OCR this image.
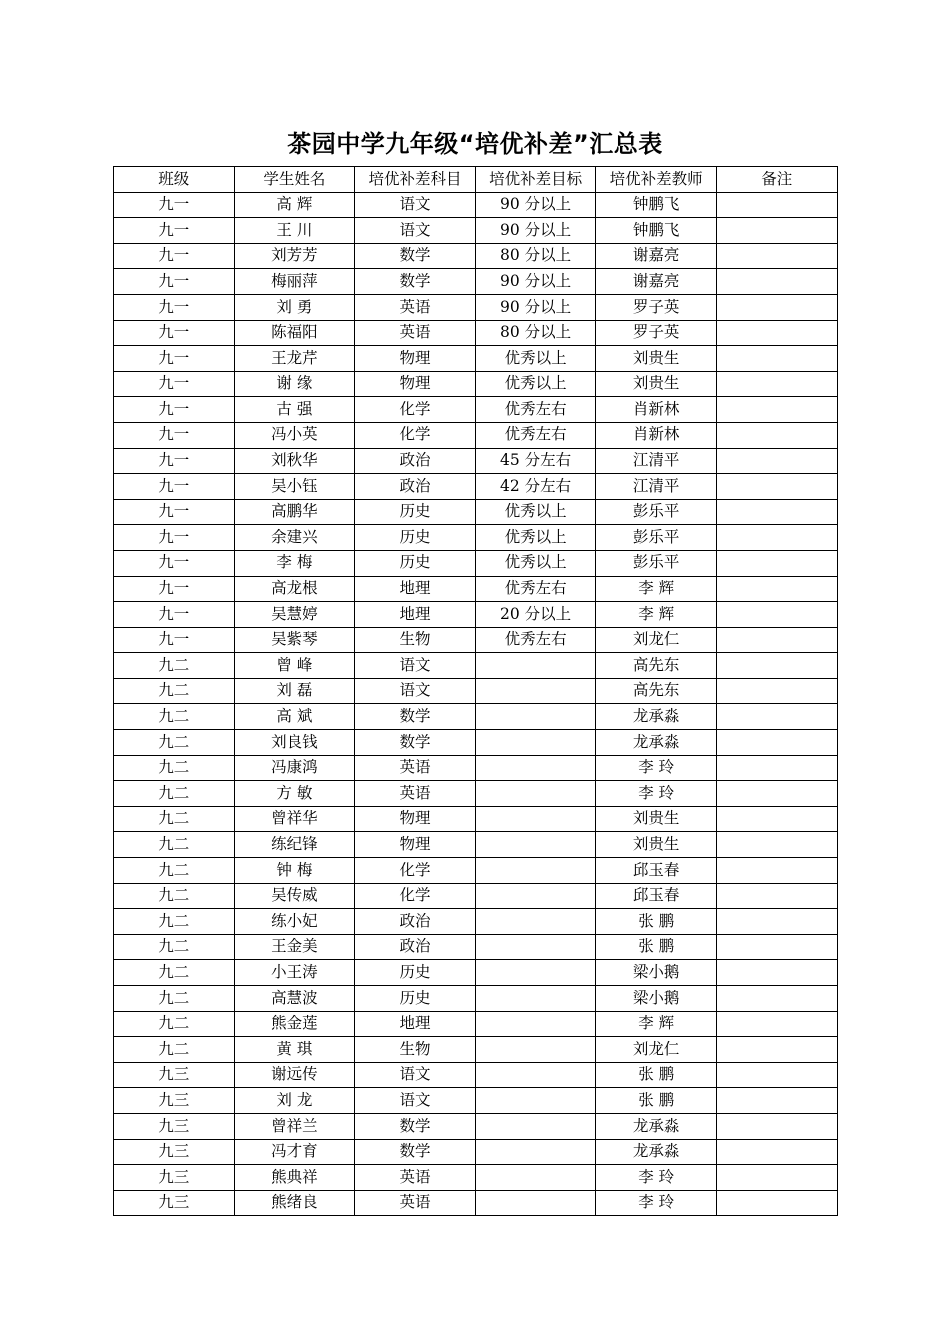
茶园中学九年级“培优补差”汇总表
班级	学生姓名	培优补差科目	培优补差目标	培优补差教师	备注
九一	高 辉	语文	90 分以上	钟鹏飞	
九一	王 川	语文	90 分以上	钟鹏飞	
九一	刘芳芳	数学	80 分以上	谢嘉亮	
九一	梅丽萍	数学	90 分以上	谢嘉亮	
九一	刘 勇	英语	90 分以上	罗子英	
九一	陈福阳	英语	80 分以上	罗子英	
九一	王龙芹	物理	优秀以上	刘贵生	
九一	谢 缘	物理	优秀以上	刘贵生	
九一	古 强	化学	优秀左右	肖新林	
九一	冯小英	化学	优秀左右	肖新林	
九一	刘秋华	政治	45 分左右	江清平	
九一	吴小钰	政治	42 分左右	江清平	
九一	高鹏华	历史	优秀以上	彭乐平	
九一	余建兴	历史	优秀以上	彭乐平	
九一	李 梅	历史	优秀以上	彭乐平	
九一	高龙根	地理	优秀左右	李 辉	
九一	吴慧婷	地理	20 分以上	李 辉	
九一	吴紫琴	生物	优秀左右	刘龙仁	
九二	曾 峰	语文		高先东	
九二	刘 磊	语文		高先东	
九二	高 斌	数学		龙承淼	
九二	刘良钱	数学		龙承淼	
九二	冯康鸿	英语		李 玲	
九二	方 敏	英语		李 玲	
九二	曾祥华	物理		刘贵生	
九二	练纪锋	物理		刘贵生	
九二	钟 梅	化学		邱玉春	
九二	吴传威	化学		邱玉春	
九二	练小妃	政治		张 鹏	
九二	王金美	政治		张 鹏	
九二	小王涛	历史		梁小鹅	
九二	高慧波	历史		梁小鹅	
九二	熊金莲	地理		李 辉	
九二	黄 琪	生物		刘龙仁	
九三	谢远传	语文		张 鹏	
九三	刘 龙	语文		张 鹏	
九三	曾祥兰	数学		龙承淼	
九三	冯才育	数学		龙承淼	
九三	熊典祥	英语		李 玲	
九三	熊绪良	英语		李 玲	
